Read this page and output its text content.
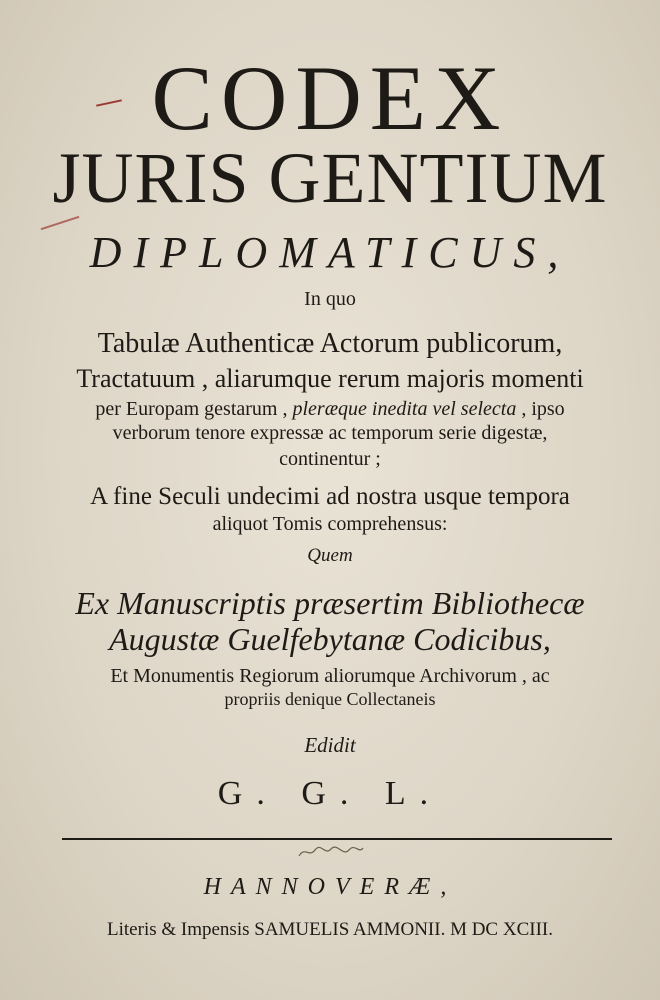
CODEX
JURIS GENTIUM
DIPLOMATICUS,
In quo
Tabulæ Authenticæ Actorum publicorum,
Tractatuum , aliarumque rerum majoris momenti
per Europam gestarum , pleræque inedita vel selecta , ipso
verborum tenore expressæ ac temporum serie digestæ,
continentur ;
A fine Seculi undecimi ad nostra usque tempora
aliquot Tomis comprehensus:
Quem
Ex Manuscriptis præsertim Bibliothecæ
Augustæ Guelfebytanæ Codicibus,
Et Monumentis Regiorum aliorumque Archivorum , ac
propriis denique Collectaneis
Edidit
G. G. L.
HANNOVERÆ,
Literis & Impensis SAMUELIS AMMONII. M DC XCIII.
